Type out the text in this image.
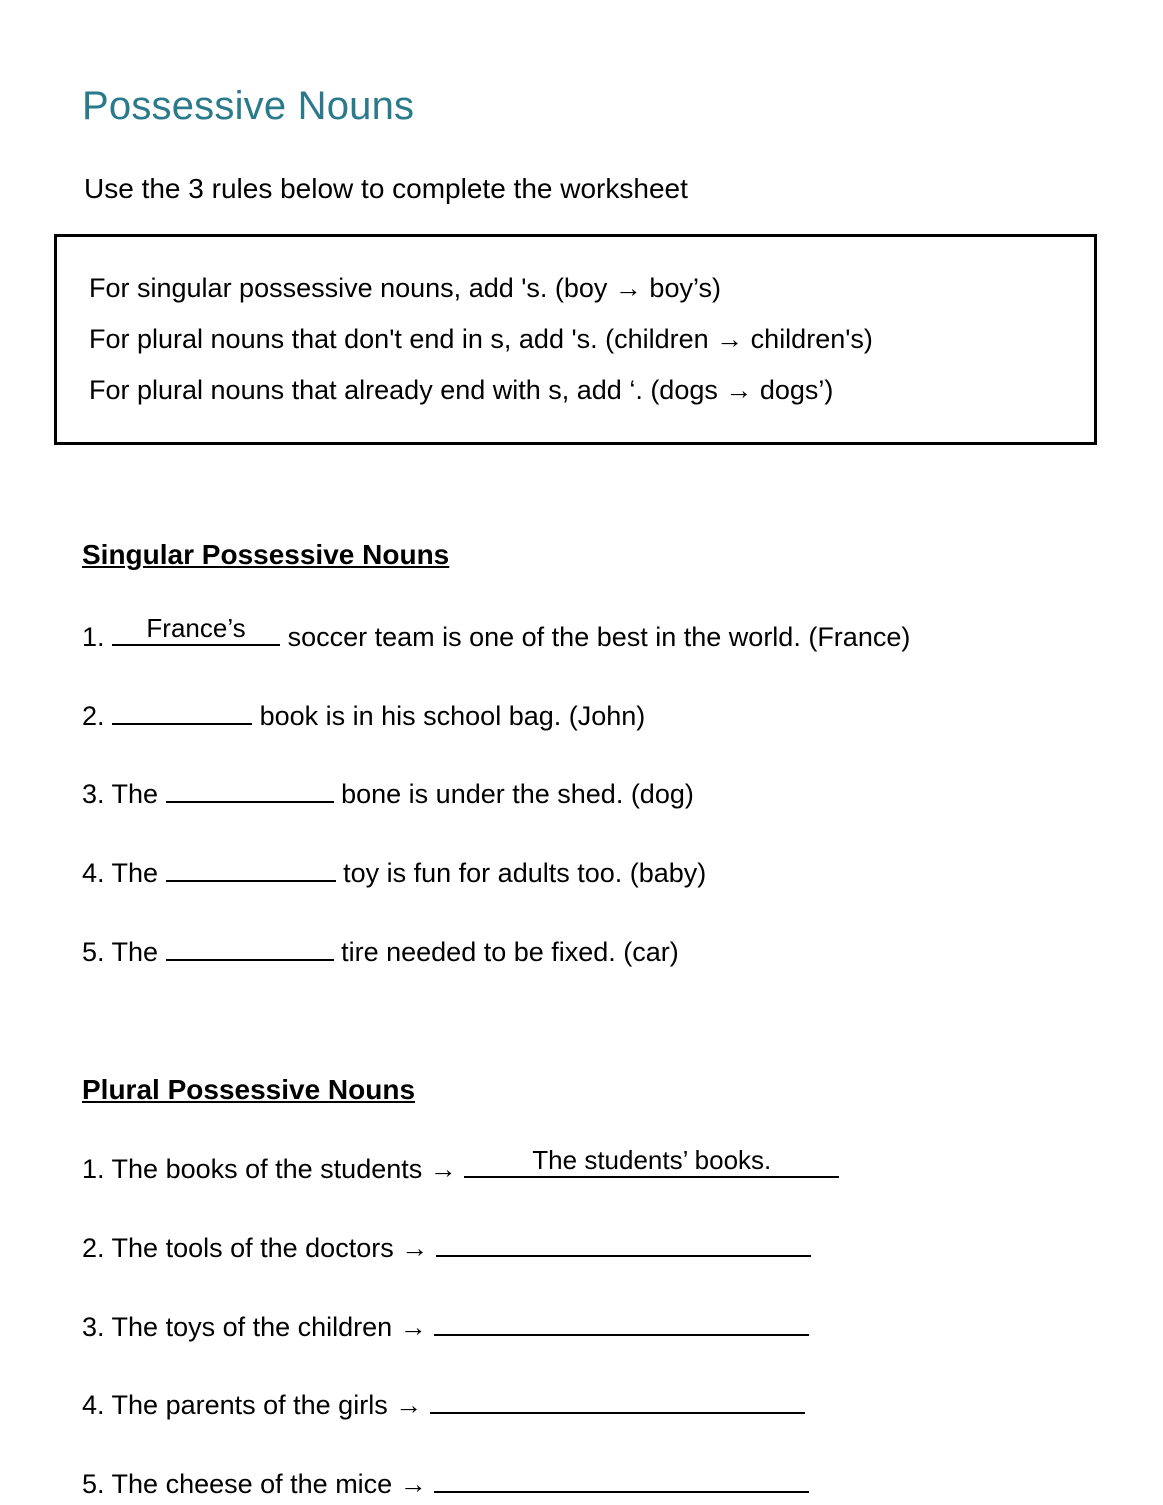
Possessive Nouns
Use the 3 rules below to complete the worksheet
For singular possessive nouns, add 's. (boy → boy’s)
For plural nouns that don't end in s, add 's. (children → children's)
For plural nouns that already end with s, add ‘. (dogs → dogs’)
Singular Possessive Nouns
1.	France’s	soccer team is one of the best in the world. (France)
2.	book is in his school bag. (John)
3. The	bone is under the shed. (dog)
4. The	toy is fun for adults too. (baby)
5. The	tire needed to be fixed. (car)
Plural Possessive Nouns
1. The books of the students →	The students’ books.
2. The tools of the doctors →
3. The toys of the children →
4. The parents of the girls →
5. The cheese of the mice →
